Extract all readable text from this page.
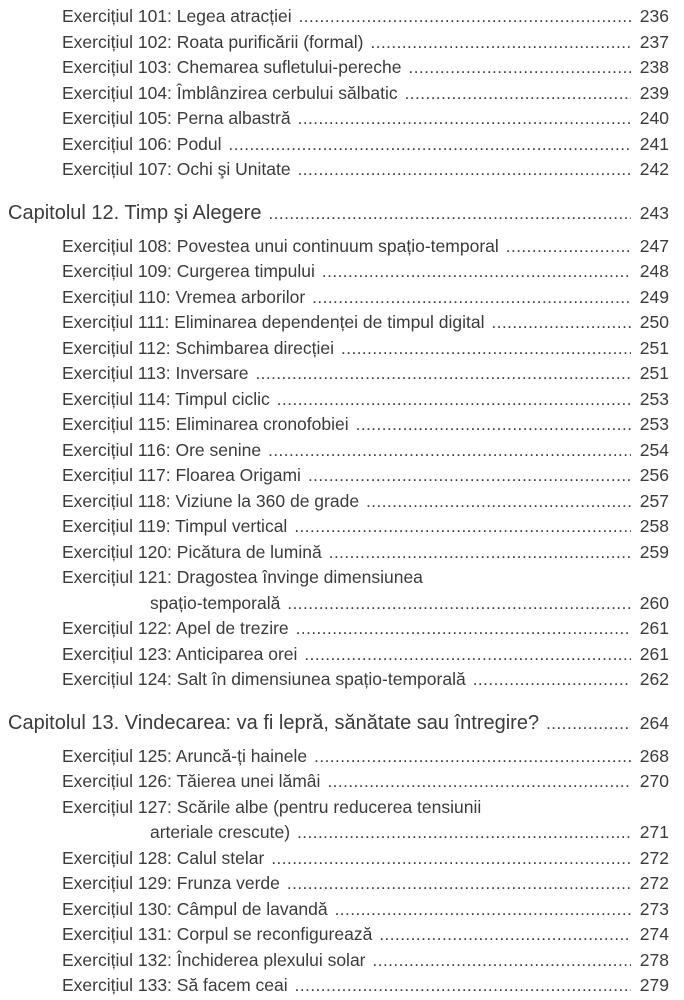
Exercițiul 101: Legea atracției .....	236
Exercițiul 102: Roata purificării (formal) .....	237
Exercițiul 103: Chemarea sufletului-pereche .....	238
Exercițiul 104: Îmblânzirea cerbului sălbatic .....	239
Exercițiul 105: Perna albastră .....	240
Exercițiul 106: Podul .....	241
Exercițiul 107: Ochi şi Unitate .....	242
Capitolul 12. Timp şi Alegere .....	243
Exercițiul 108: Povestea unui continuum spațio-temporal .....	247
Exercițiul 109: Curgerea timpului .....	248
Exercițiul 110: Vremea arborilor .....	249
Exercițiul 111: Eliminarea dependenței de timpul digital .....	250
Exercițiul 112: Schimbarea direcției .....	251
Exercițiul 113: Inversare .....	251
Exercițiul 114: Timpul ciclic .....	253
Exercițiul 115: Eliminarea cronofobiei .....	253
Exercițiul 116: Ore senine .....	254
Exercițiul 117: Floarea Origami .....	256
Exercițiul 118: Viziune la 360 de grade .....	257
Exercițiul 119: Timpul vertical .....	258
Exercițiul 120: Picătura de lumină .....	259
Exercițiul 121: Dragostea învinge dimensiunea
spațio-temporală .....	260
Exercițiul 122: Apel de trezire .....	261
Exercițiul 123: Anticiparea orei .....	261
Exercițiul 124: Salt în dimensiunea spațio-temporală .....	262
Capitolul 13. Vindecarea: va fi lepră, sănătate sau întregire? .....	264
Exercițiul 125: Aruncă-ți hainele .....	268
Exercițiul 126: Tăierea unei lămâi .....	270
Exercițiul 127: Scările albe (pentru reducerea tensiunii
arteriale crescute) .....	271
Exercițiul 128: Calul stelar .....	272
Exercițiul 129: Frunza verde .....	272
Exercițiul 130: Câmpul de lavandă .....	273
Exercițiul 131: Corpul se reconfigurează .....	274
Exercițiul 132: Închiderea plexului solar .....	278
Exercițiul 133: Să facem ceai .....	279
